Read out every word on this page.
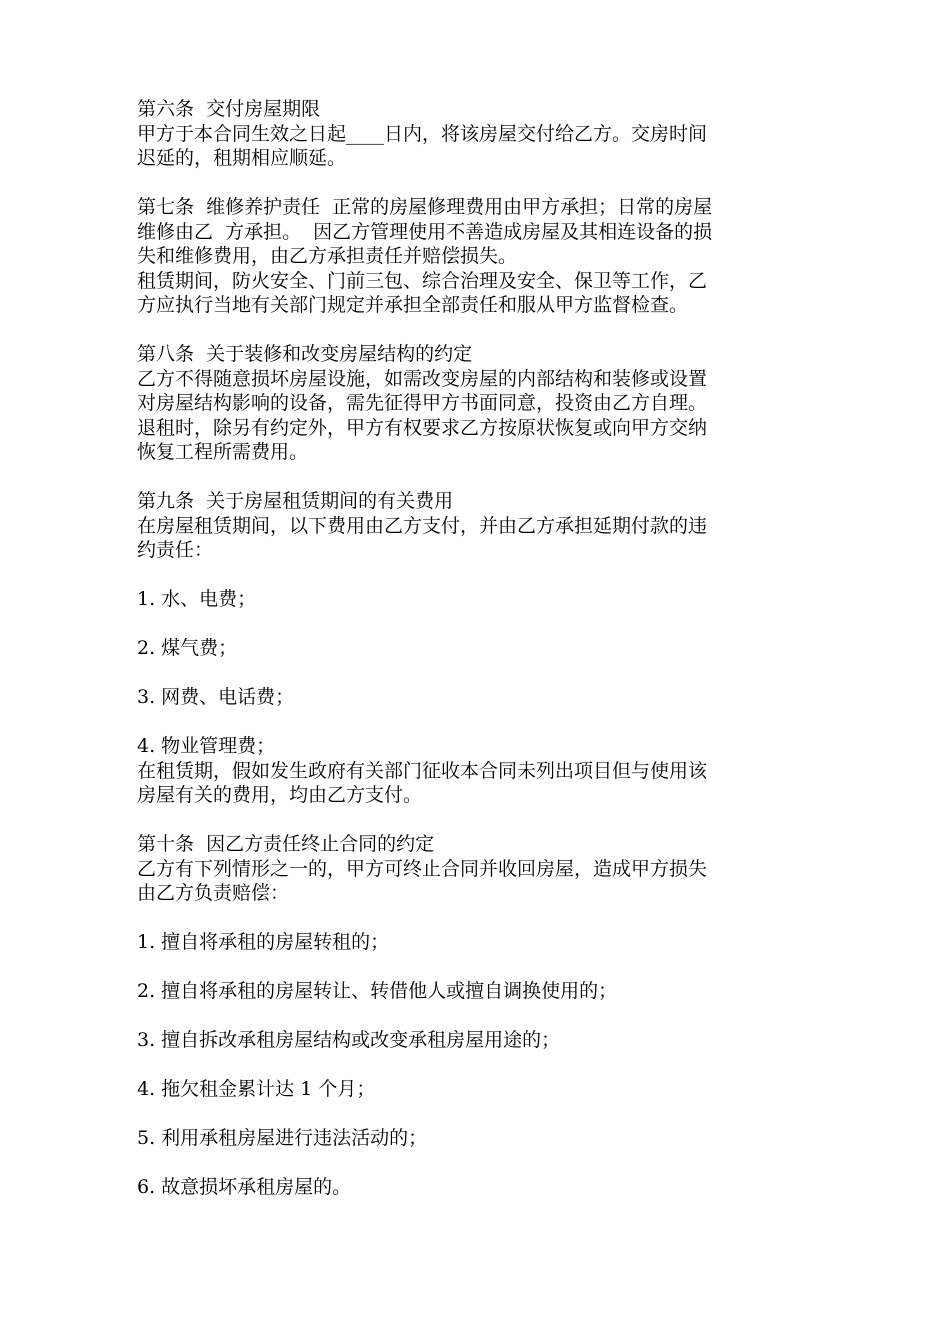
第六条  交付房屋期限
甲方于本合同生效之日起____日内，将该房屋交付给乙方。交房时间
迟延的，租期相应顺延。
第七条  维修养护责任  正常的房屋修理费用由甲方承担；日常的房屋
维修由乙  方承担。  因乙方管理使用不善造成房屋及其相连设备的损
失和维修费用，由乙方承担责任并赔偿损失。
租赁期间，防火安全、门前三包、综合治理及安全、保卫等工作，乙
方应执行当地有关部门规定并承担全部责任和服从甲方监督检查。
第八条  关于装修和改变房屋结构的约定
乙方不得随意损坏房屋设施，如需改变房屋的内部结构和装修或设置
对房屋结构影响的设备，需先征得甲方书面同意，投资由乙方自理。
退租时，除另有约定外，甲方有权要求乙方按原状恢复或向甲方交纳
恢复工程所需费用。
第九条  关于房屋租赁期间的有关费用
在房屋租赁期间，以下费用由乙方支付，并由乙方承担延期付款的违
约责任：
1. 水、电费；
2. 煤气费；
3. 网费、电话费；
4. 物业管理费；
在租赁期，假如发生政府有关部门征收本合同未列出项目但与使用该
房屋有关的费用，均由乙方支付。
第十条  因乙方责任终止合同的约定
乙方有下列情形之一的，甲方可终止合同并收回房屋，造成甲方损失
由乙方负责赔偿：
1. 擅自将承租的房屋转租的；
2. 擅自将承租的房屋转让、转借他人或擅自调换使用的；
3. 擅自拆改承租房屋结构或改变承租房屋用途的；
4. 拖欠租金累计达 1 个月；
5. 利用承租房屋进行违法活动的；
6. 故意损坏承租房屋的。
